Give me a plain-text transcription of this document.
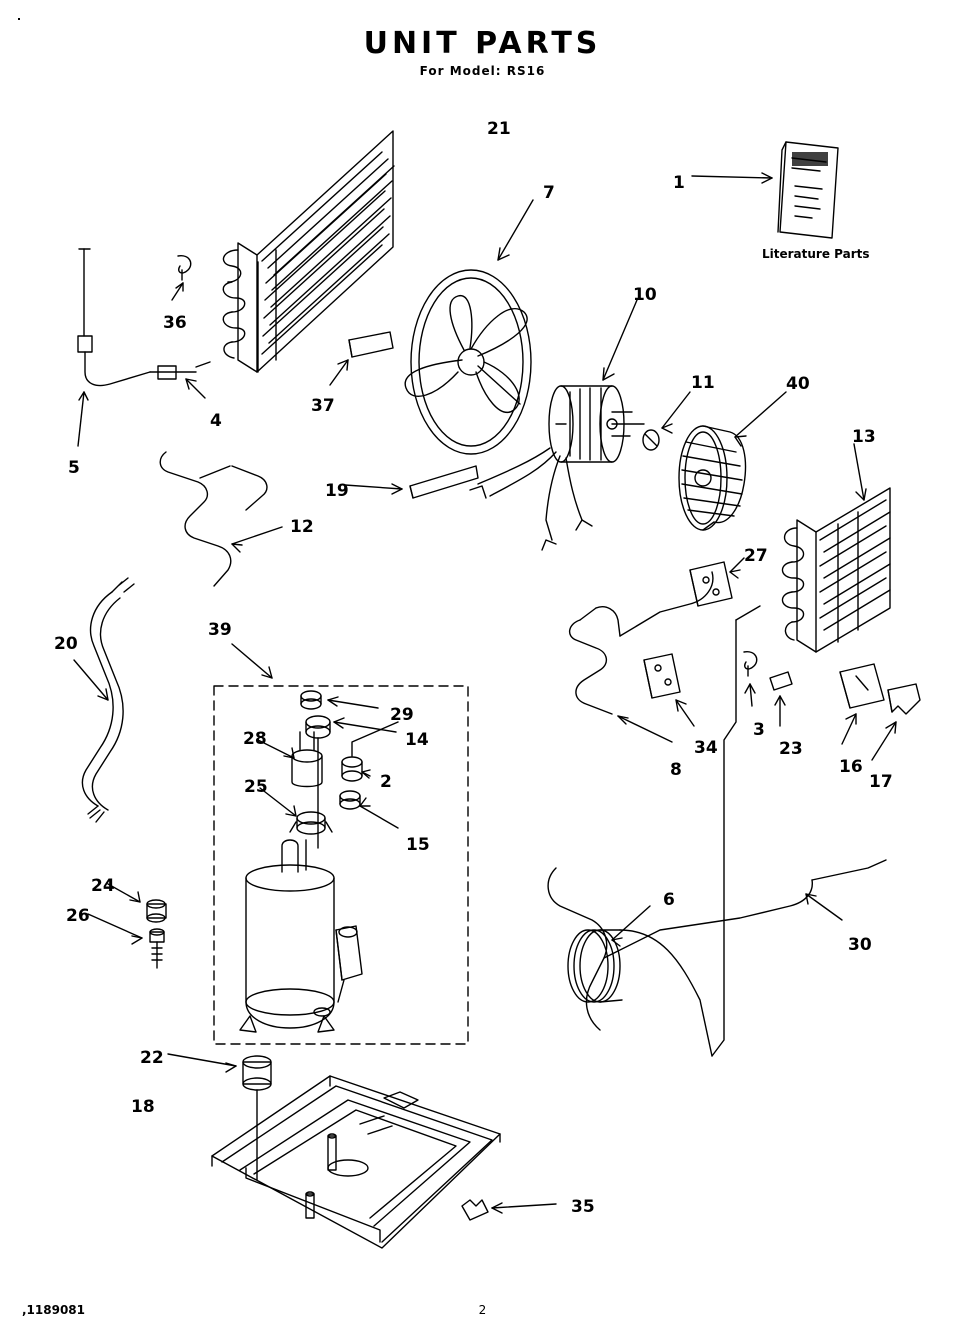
UNIT PARTS
For Model: RS16
21
1
7
36
10
37
11	40
13
4
5
19
12
27
20
39
29
14
28	34
3
23
16
17
8
25	2
15
24
26
6
30
22
18
35
Literature Parts
,1189081	2
